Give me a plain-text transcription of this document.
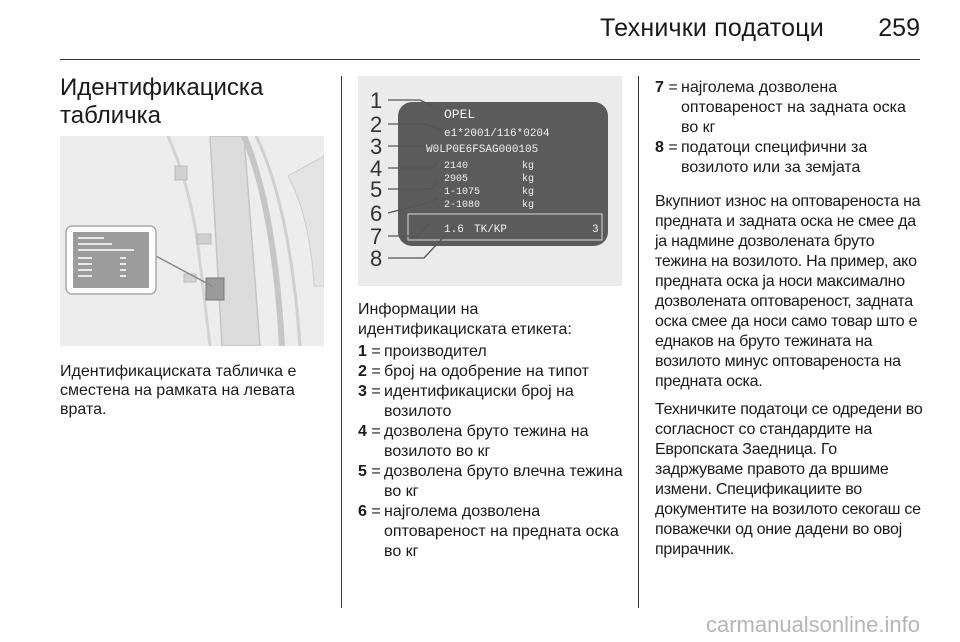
Технички податоци 259
Идентификациска табличка

Идентификациската табличка е сместена на рамката на левата врата.

1
2
3
4
5
6
7
8
OPEL
e1*2001/116*0204
W0LP0E6FSAG000105
2140	kg
2905	kg
1-1075	kg
2-1080	kg
1.6 TK/KP	3

Информации на идентификациската етикета:

1 = производител
2 = број на одобрение на типот
3 = идентификациски број на возилото
4 = дозволена бруто тежина на возилото во кг
5 = дозволена бруто влечна тежина во кг
6 = најголема дозволена оптовареност на предната оска во кг
7 = најголема дозволена оптовареност на задната оска во кг
8 = податоци специфични за возилото или за земјата

Вкупниот износ на оптовареноста на предната и задната оска не смее да ја надмине дозволената бруто тежина на возилото. На пример, ако предната оска ја носи максимално дозволената оптовареност, задната оска смее да носи само товар што е еднаков на бруто тежината на возилото минус оптовареноста на предната оска.

Техничките податоци се одредени во согласност со стандардите на Европската Заедница. Го задржуваме правото да вршиме измени. Спецификациите во документите на возилото секогаш се поважечки од оние дадени во овој прирачник.

carmanualsonline.info
